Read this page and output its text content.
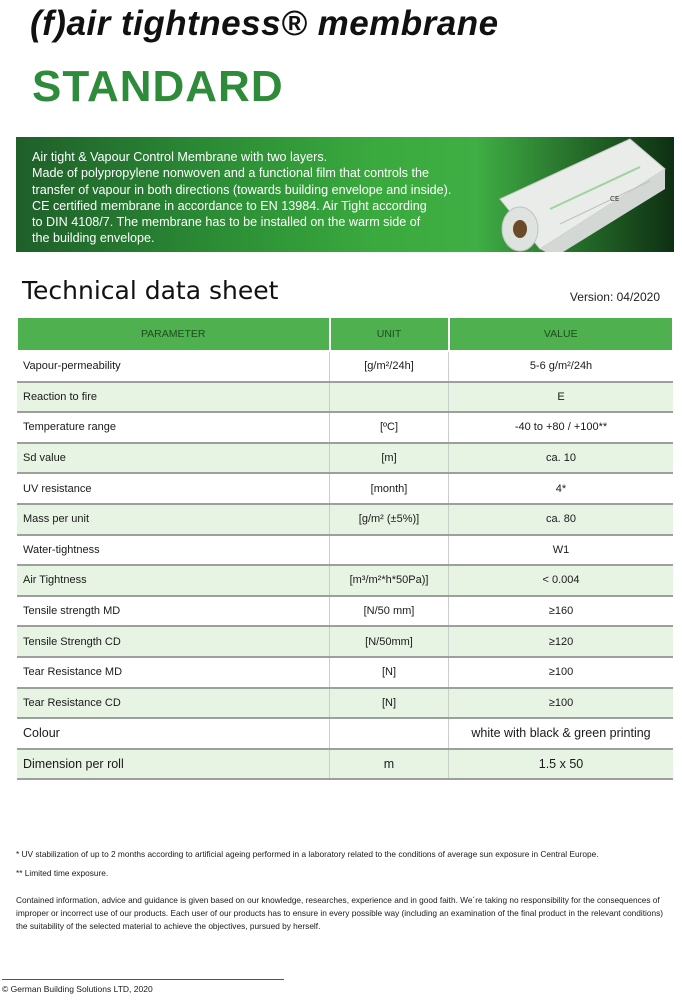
(f)air tightness® membrane
STANDARD
Air tight & Vapour Control Membrane with two layers.
Made of polypropylene nonwoven and a functional film that controls the
transfer of vapour in both directions (towards building envelope and inside).
CE certified membrane in accordance to EN 13984. Air Tight according
to DIN 4108/7. The membrane has to be installed on the warm side of
the building envelope.
CE
Technical data sheet	Version: 04/2020
PARAMETER	UNIT	VALUE
Vapour-permeability	[g/m²/24h]	5-6 g/m²/24h
Reaction to fire		E
Temperature range	[ºC]	-40 to +80 / +100**
Sd value	[m]	ca. 10
UV resistance	[month]	4*
Mass per unit	[g/m² (±5%)]	ca. 80
Water-tightness		W1
Air Tightness	[m³/m²*h*50Pa)]	< 0.004
Tensile strength MD	[N/50 mm]	≥160
Tensile Strength CD	[N/50mm]	≥120
Tear Resistance MD	[N]	≥100
Tear Resistance CD	[N]	≥100
Colour		white with black & green printing
Dimension per roll	m	1.5 x 50

* UV stabilization of up to 2 months according to artificial ageing performed in a laboratory related to the conditions of average sun exposure in Central Europe.

** Limited time exposure.

Contained information, advice and guidance is given based on our knowledge, researches, experience and in good faith. We´re taking no responsibility for the consequences of improper or incorrect use of our products. Each user of our products has to ensure in every possible way (including an examination of the final product in the relevant conditions) the suitability of the selected material to achieve the objectives, pursued by herself.

© German Building Solutions LTD, 2020
